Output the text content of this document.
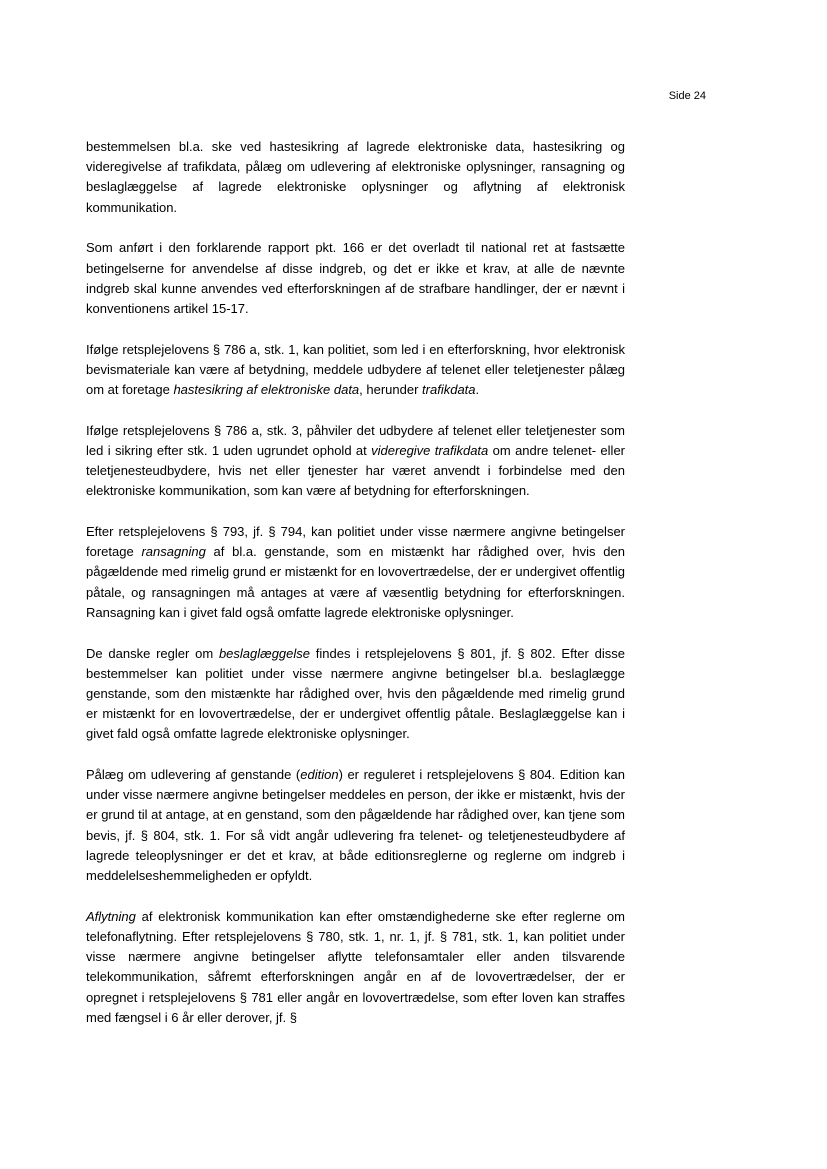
Side 24

bestemmelsen bl.a. ske ved hastesikring af lagrede elektroniske data, hastesikring og videregivelse af trafikdata, pålæg om udlevering af elektroniske oplysninger, ransagning og beslaglæggelse af lagrede elektroniske oplysninger og aflytning af elektronisk kommunikation.

Som anført i den forklarende rapport pkt. 166 er det overladt til national ret at fastsætte betingelserne for anvendelse af disse indgreb, og det er ikke et krav, at alle de nævnte indgreb skal kunne anvendes ved efterforskningen af de strafbare handlinger, der er nævnt i konventionens artikel 15-17.

Ifølge retsplejelovens § 786 a, stk. 1, kan politiet, som led i en efterforskning, hvor elektronisk bevismateriale kan være af betydning, meddele udbydere af telenet eller teletjenester pålæg om at foretage hastesikring af elektroniske data, herunder trafikdata.

Ifølge retsplejelovens § 786 a, stk. 3, påhviler det udbydere af telenet eller teletjenester som led i sikring efter stk. 1 uden ugrundet ophold at videregive trafikdata om andre telenet- eller teletjenesteudbydere, hvis net eller tjenester har været anvendt i forbindelse med den elektroniske kommunikation, som kan være af betydning for efterforskningen.

Efter retsplejelovens § 793, jf. § 794, kan politiet under visse nærmere angivne betingelser foretage ransagning af bl.a. genstande, som en mistænkt har rådighed over, hvis den pågældende med rimelig grund er mistænkt for en lovovertrædelse, der er undergivet offentlig påtale, og ransagningen må antages at være af væsentlig betydning for efterforskningen. Ransagning kan i givet fald også omfatte lagrede elektroniske oplysninger.

De danske regler om beslaglæggelse findes i retsplejelovens § 801, jf. § 802. Efter disse bestemmelser kan politiet under visse nærmere angivne betingelser bl.a. beslaglægge genstande, som den mistænkte har rådighed over, hvis den pågældende med rimelig grund er mistænkt for en lovovertrædelse, der er undergivet offentlig påtale. Beslaglæggelse kan i givet fald også omfatte lagrede elektroniske oplysninger.

Pålæg om udlevering af genstande (edition) er reguleret i retsplejelovens § 804. Edition kan under visse nærmere angivne betingelser meddeles en person, der ikke er mistænkt, hvis der er grund til at antage, at en genstand, som den pågældende har rådighed over, kan tjene som bevis, jf. § 804, stk. 1. For så vidt angår udlevering fra telenet- og teletjenesteudbydere af lagrede teleoplysninger er det et krav, at både editionsreglerne og reglerne om indgreb i meddelelseshemmeligheden er opfyldt.

Aflytning af elektronisk kommunikation kan efter omstændighederne ske efter reglerne om telefonaflytning. Efter retsplejelovens § 780, stk. 1, nr. 1, jf. § 781, stk. 1, kan politiet under visse nærmere angivne betingelser aflytte telefonsamtaler eller anden tilsvarende telekommunikation, såfremt efterforskningen angår en af de lovovertrædelser, der er opregnet i retsplejelovens § 781 eller angår en lovovertrædelse, som efter loven kan straffes med fængsel i 6 år eller derover, jf. §
